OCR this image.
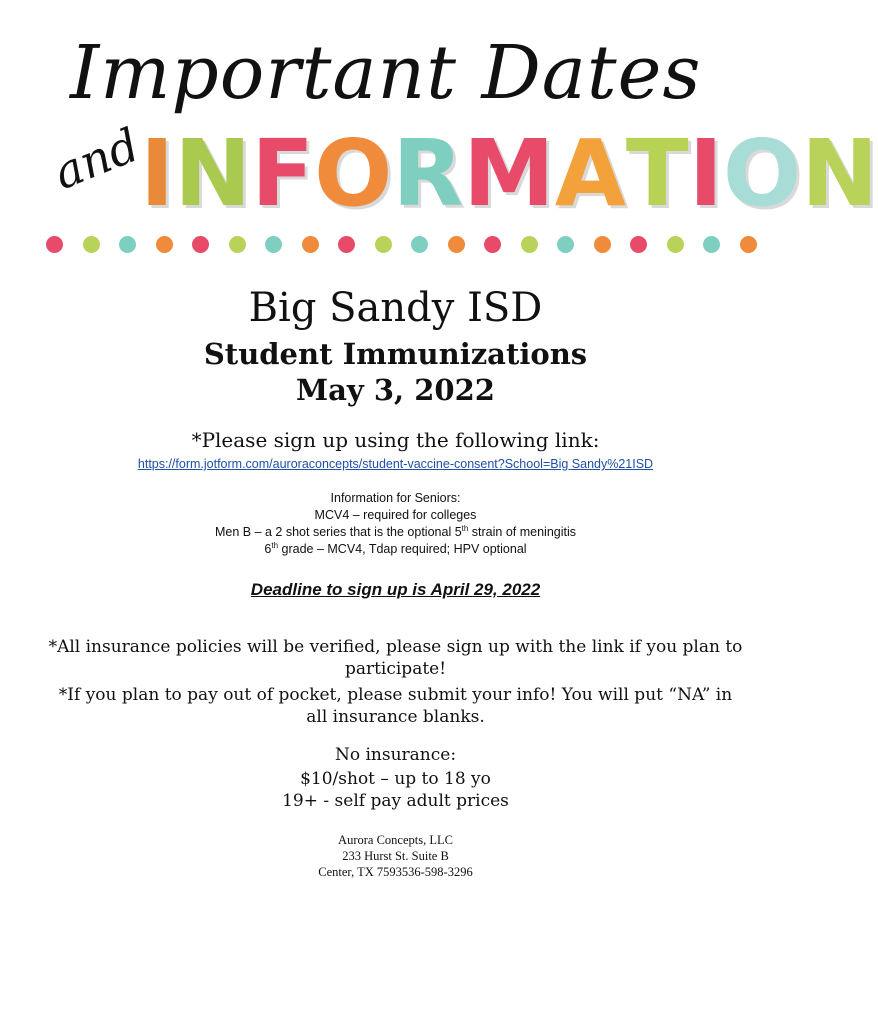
Important Dates
and
INFORMATION
Big Sandy ISD
Student Immunizations
May 3, 2022
*Please sign up using the following link:
https://form.jotform.com/auroraconcepts/student-vaccine-consent?School=Big Sandy%21ISD
Information for Seniors:
MCV4 – required for colleges
Men B – a 2 shot series that is the optional 5th strain of meningitis
6th grade – MCV4, Tdap required; HPV optional
Deadline to sign up is April 29, 2022
*All insurance policies will be verified, please sign up with the link if you plan to
participate!
*If you plan to pay out of pocket, please submit your info! You will put “NA” in
all insurance blanks.
No insurance:
$10/shot – up to 18 yo
19+ - self pay adult prices
Aurora Concepts, LLC
233 Hurst St. Suite B
Center, TX 7593536-598-3296
